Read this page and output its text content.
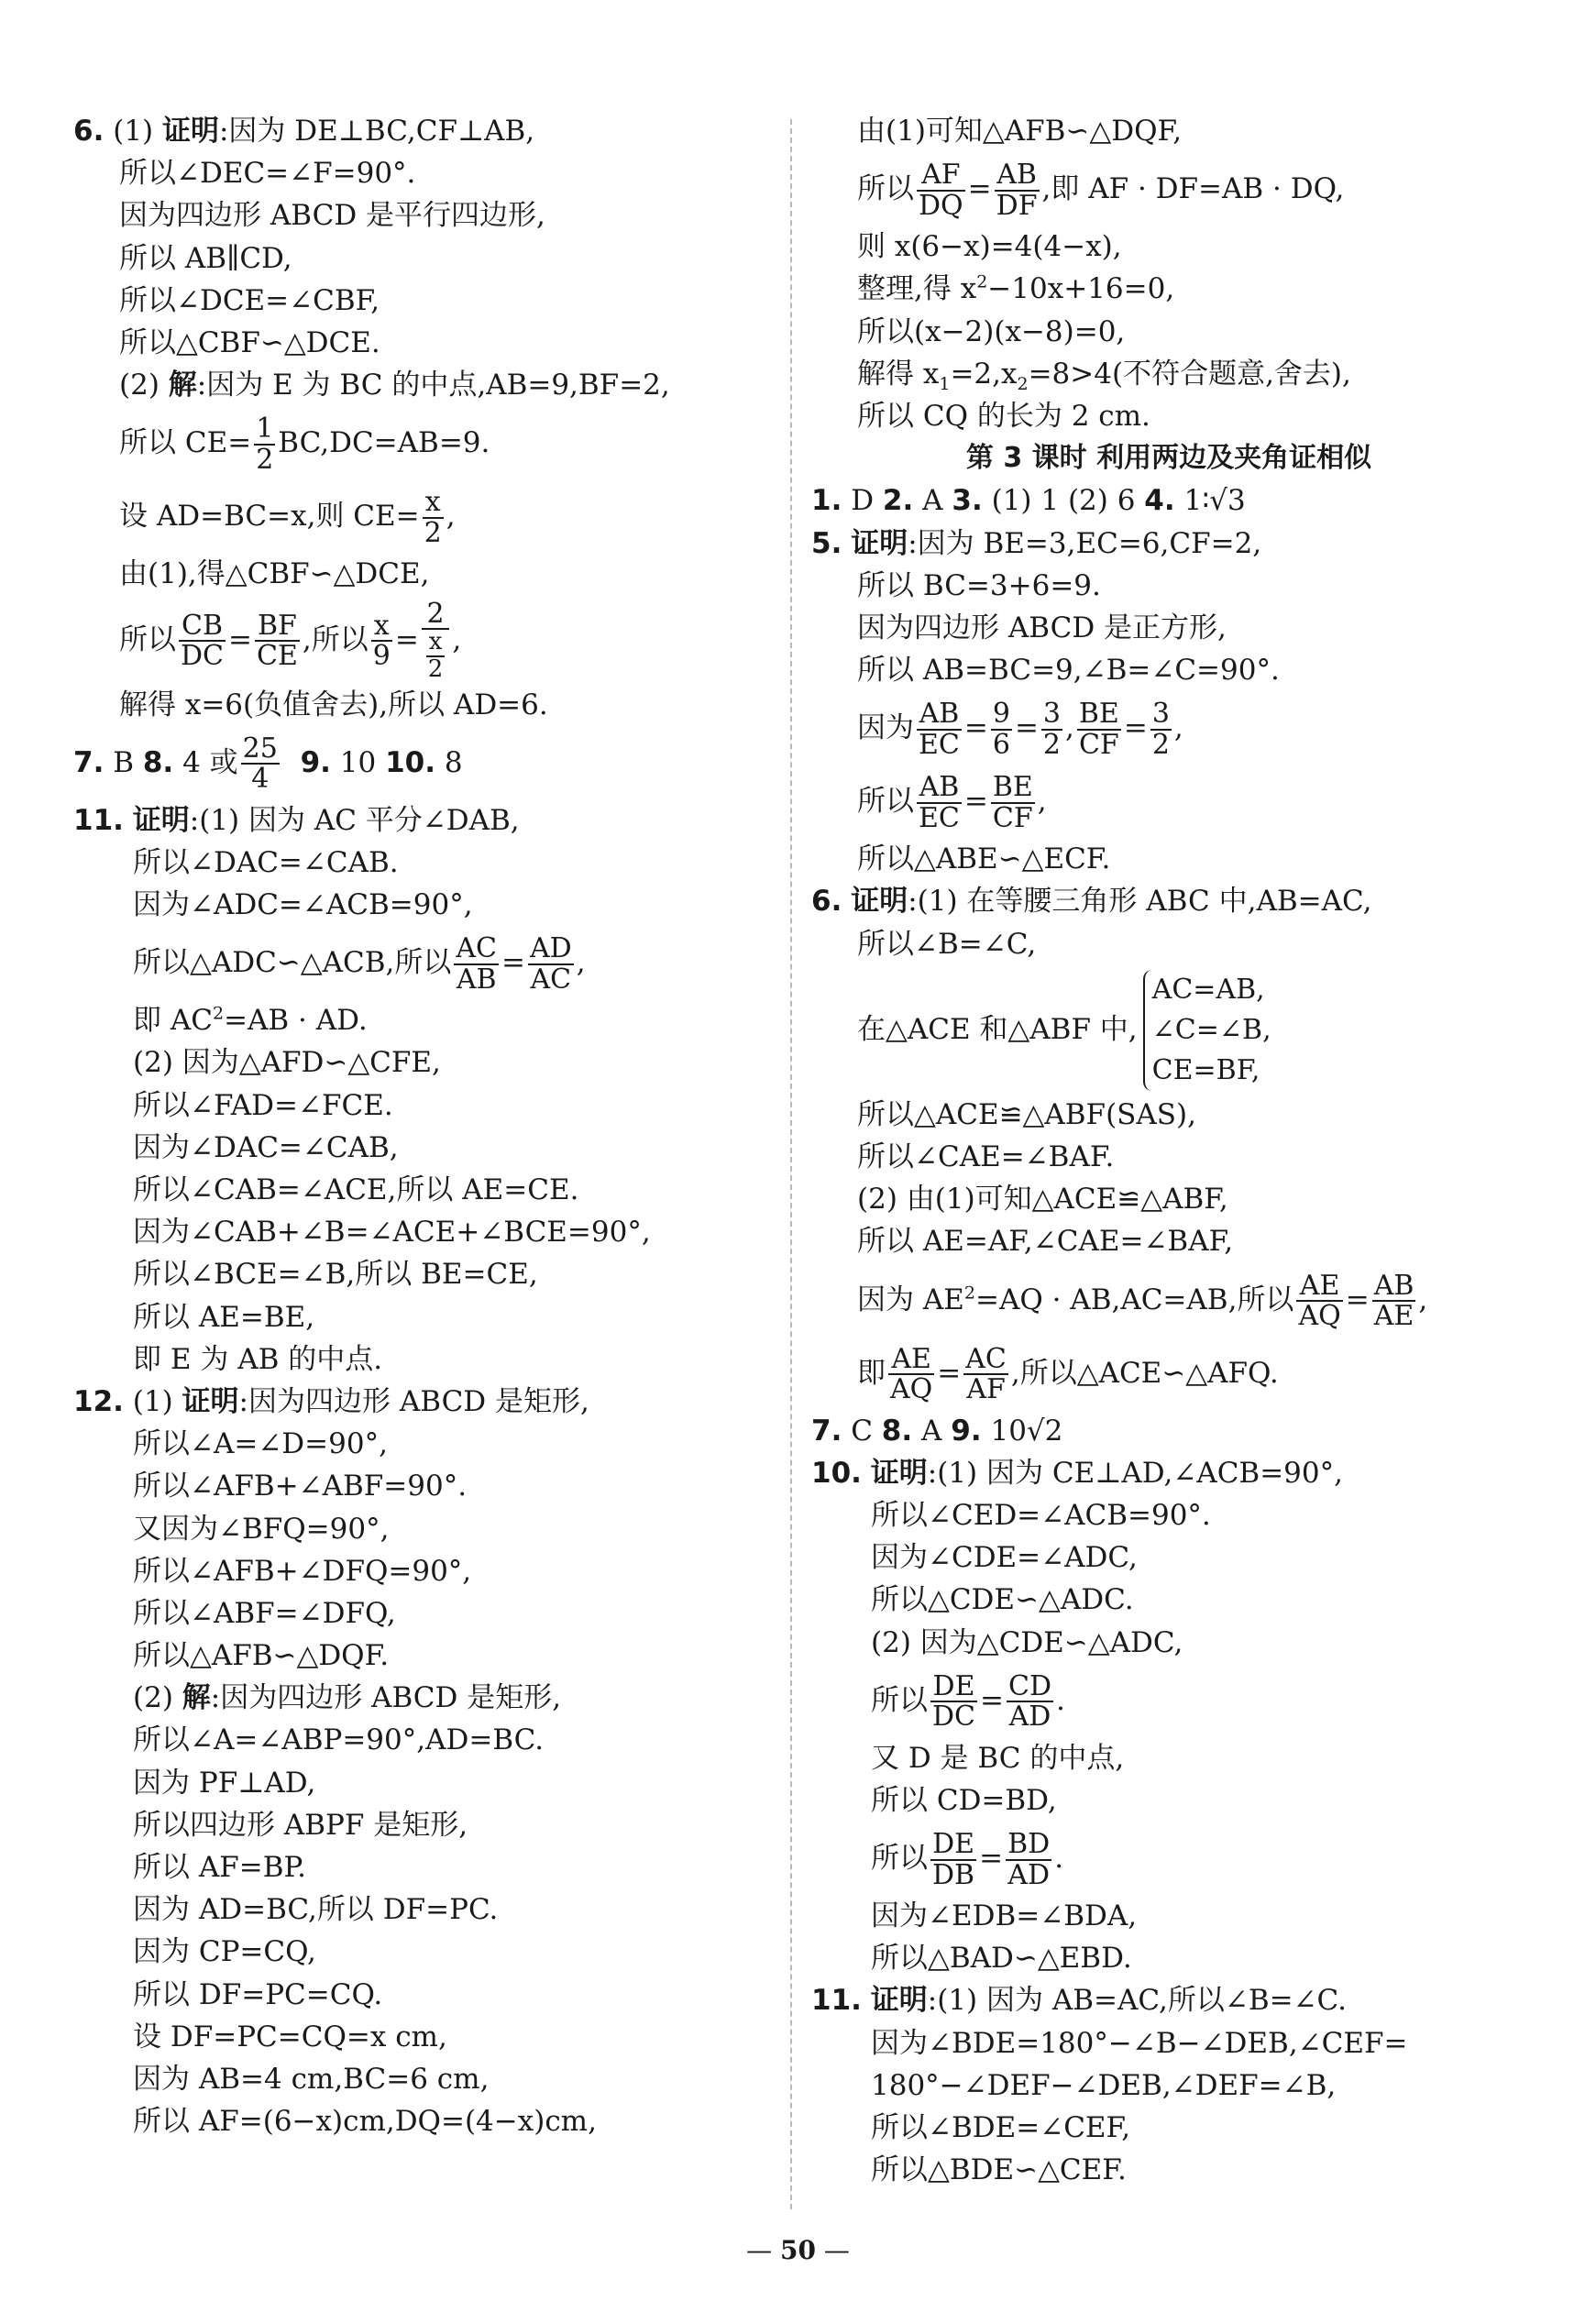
6. (1) 证明:因为 DE⊥BC,CF⊥AB,
所以∠DEC=∠F=90°.
因为四边形 ABCD 是平行四边形,
所以 AB∥CD,
所以∠DCE=∠CBF,
所以△CBF∽△DCE.
(2) 解:因为 E 为 BC 的中点,AB=9,BF=2,
所以 $CE= \frac{1}{2} BC,DC=AB=9$.
设 AD=BC=x,则 $CE= \frac{x}{2}$ ,
由(1),得△CBF∽△DCE,
所以 $\frac{CB}{DC} = \frac{BF}{CE}$ ,所以 $\frac{x}{9} = \frac{2}{\frac{x}{2}}$ ,
解得 x=6(负值舍去),所以 AD=6.
7. B 8. 4 或 $\frac{25}{4} 9$. 10 10. 8
11. 证明:(1) 因为 AC 平分∠DAB,
所以∠DAC=∠CAB.
因为∠ADC=∠ACB=90°,
所以△ADC∽△ACB,所以 $\frac{AC}{AB} = \frac{AD}{AC}$ ,
即 $AC^2=AB$ · AD.
(2) 因为△AFD∽△CFE,
所以∠FAD=∠FCE.
因为∠DAC=∠CAB,
所以∠CAB=∠ACE,所以 AE=CE.
因为∠CAB+∠B=∠ACE+∠BCE=90°,
所以∠BCE=∠B,所以 BE=CE,
所以 AE=BE,
即 E 为 AB 的中点.
12. (1) 证明:因为四边形 ABCD 是矩形,
所以∠A=∠D=90°,
所以∠AFB+∠ABF=90°.
又因为∠BFQ=90°,
所以∠AFB+∠DFQ=90°,
所以∠ABF=∠DFQ,
所以△AFB∽△DQF.
(2) 解:因为四边形 ABCD 是矩形,
所以∠A=∠ABP=90°,AD=BC.
因为 PF⊥AD,
所以四边形 ABPF 是矩形,
所以 AF=BP.
因为 AD=BC,所以 DF=PC.
因为 CP=CQ,
所以 DF=PC=CQ.
设 DF=PC=CQ=x cm,
因为 AB=4 cm,BC=6 cm,
所以 AF=(6−x)cm,DQ=(4−x)cm,
由(1)可知△AFB∽△DQF,
所以 $\frac{AF}{DQ} = \frac{AB}{DF}$ ,即 AF · DF=AB · DQ,
则 x(6−x)=4(4−x),
整理,得 $x^2-10x+16=0$,
所以(x−2)(x−8)=0,
解得 $x_1=2,x_2=8>4$(不符合题意,舍去),
所以 CQ 的长为 2 cm.
第 3 课时 利用两边及夹角证相似
1. D 2. A 3. (1) 1 (2) 6 4. 1∶√3
5. 证明:因为 BE=3,EC=6,CF=2,
所以 BC=3+6=9.
因为四边形 ABCD 是正方形,
所以 AB=BC=9,∠B=∠C=90°.
因为 $\frac{AB}{EC} = \frac{9}{6} = \frac{3}{2}$ , $\frac{BE}{CF} = \frac{3}{2}$ ,
所以 $\frac{AB}{EC} = \frac{BE}{CF}$ ,
所以△ABE∽△ECF.
6. 证明:(1) 在等腰三角形 ABC 中,AB=AC,
所以∠B=∠C,
在△ACE 和△ABF 中,
AC=AB,
∠C=∠B,
CE=BF,
所以△ACE≌△ABF(SAS),
所以∠CAE=∠BAF.
(2) 由(1)可知△ACE≌△ABF,
所以 AE=AF,∠CAE=∠BAF,
因为 $AE^2=AQ \cdot AB,AC=AB$,所以 $\frac{AE}{AQ} = \frac{AB}{AE}$ ,
即 $\frac{AE}{AQ} = \frac{AC}{AF}$ ,所以△ACE∽△AFQ.
7. C 8. A 9. 10√2
10. 证明:(1) 因为 CE⊥AD,∠ACB=90°,
所以∠CED=∠ACB=90°.
因为∠CDE=∠ADC,
所以△CDE∽△ADC.
(2) 因为△CDE∽△ADC,
所以 $\frac{DE}{DC} = \frac{CD}{AD}$ .
又 D 是 BC 的中点,
所以 CD=BD,
所以 $\frac{DE}{DB} = \frac{BD}{AD}$ .
因为∠EDB=∠BDA,
所以△BAD∽△EBD.
11. 证明:(1) 因为 AB=AC,所以∠B=∠C.
因为∠BDE=180°−∠B−∠DEB,∠CEF=
180°−∠DEF−∠DEB,∠DEF=∠B,
所以∠BDE=∠CEF,
所以△BDE∽△CEF.
— 50 —
